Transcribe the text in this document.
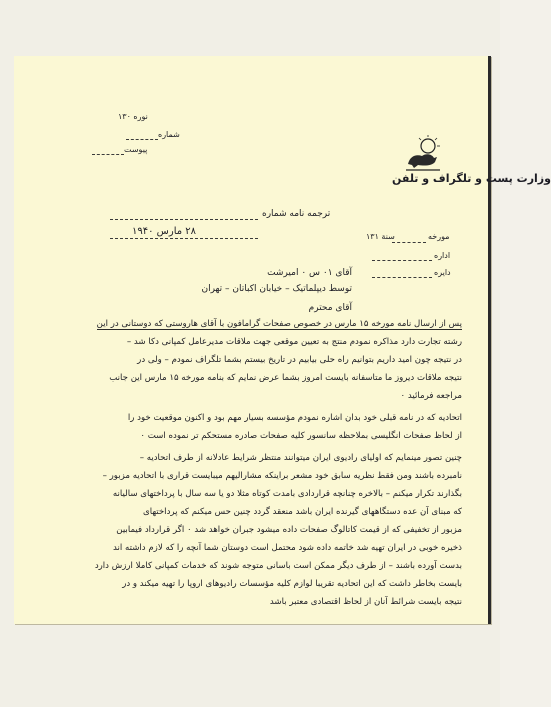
وزارت پست و تلگراف و تلفن
نوره ۱۳۰
شماره
پیوست
ترجمه نامه شماره
۲۸ مارس ۱۹۴۰	مورخه
سنة ۱۳۱
اداره
دایره
آقای ۰۱ س ۰ امیرشت
توسط دیپلماتیک – خیابان اکباتان – تهران
آقای محترم
پس از ارسال نامه مورخه ۱۵ مارس در خصوص صفحات گرامافون با آقای هاروستی که دوستانی در این
رشته تجارت دارد مذاکره نمودم منتج به تعیین موقعی جهت ملاقات مدیرعامل کمپانی دکا شد –
در نتیجه چون امید داریم بتوانیم راه حلی بیابیم در تاریخ بیستم بشما تلگراف نمودم – ولی در
نتیجه ملاقات دیروز ما متاسفانه بایست امروز بشما عرض نمایم که بنامه مورخه ۱۵ مارس این جانب
مراجعه فرمائید ۰
اتحادیه که در نامه قبلی خود بدان اشاره نمودم مؤسسه بسیار مهم بود و اکنون موقعیت خود را
از لحاظ صفحات انگلیسی بملاحظه سانسور کلیه صفحات صادره مستحکم تر نموده است ۰
چنین تصور مینمایم که اولیای رادیوی ایران میتوانند منتظر شرایط عادلانه از طرف اتحادیه –
نامبرده باشند ومن فقط نظریه سابق خود مشعر براینکه مشارالیهم میبایست قراری با اتحادیه مزبور –
بگذارند تکرار میکنم – بالاخره چنانچه قراردادی بامدت کوتاه مثلا دو یا سه سال با پرداختهای سالیانه
که مبنای آن عده دستگاههای گیرنده ایران باشد منعقد گردد چنین حس میکنم که پرداختهای
مزبور از تخفیفی که از قیمت کاتالوگ صفحات داده میشود جبران خواهد شد ۰ اگر قرارداد فیمابین
ذخیره خوبی در ایران تهیه شد خاتمه داده شود محتمل است دوستان شما آنچه را که لازم داشته اند
بدست آورده باشند – از طرف دیگر ممکن است باسانی متوجه شوند که خدمات کمپانی کاملا ارزش دارد
بایست بخاطر داشت که این اتحادیه تقریبا لوازم کلیه مؤسسات رادیوهای اروپا را تهیه میکند و در
نتیجه بایست شرائط آنان از لحاظ اقتصادی معتبر باشد
